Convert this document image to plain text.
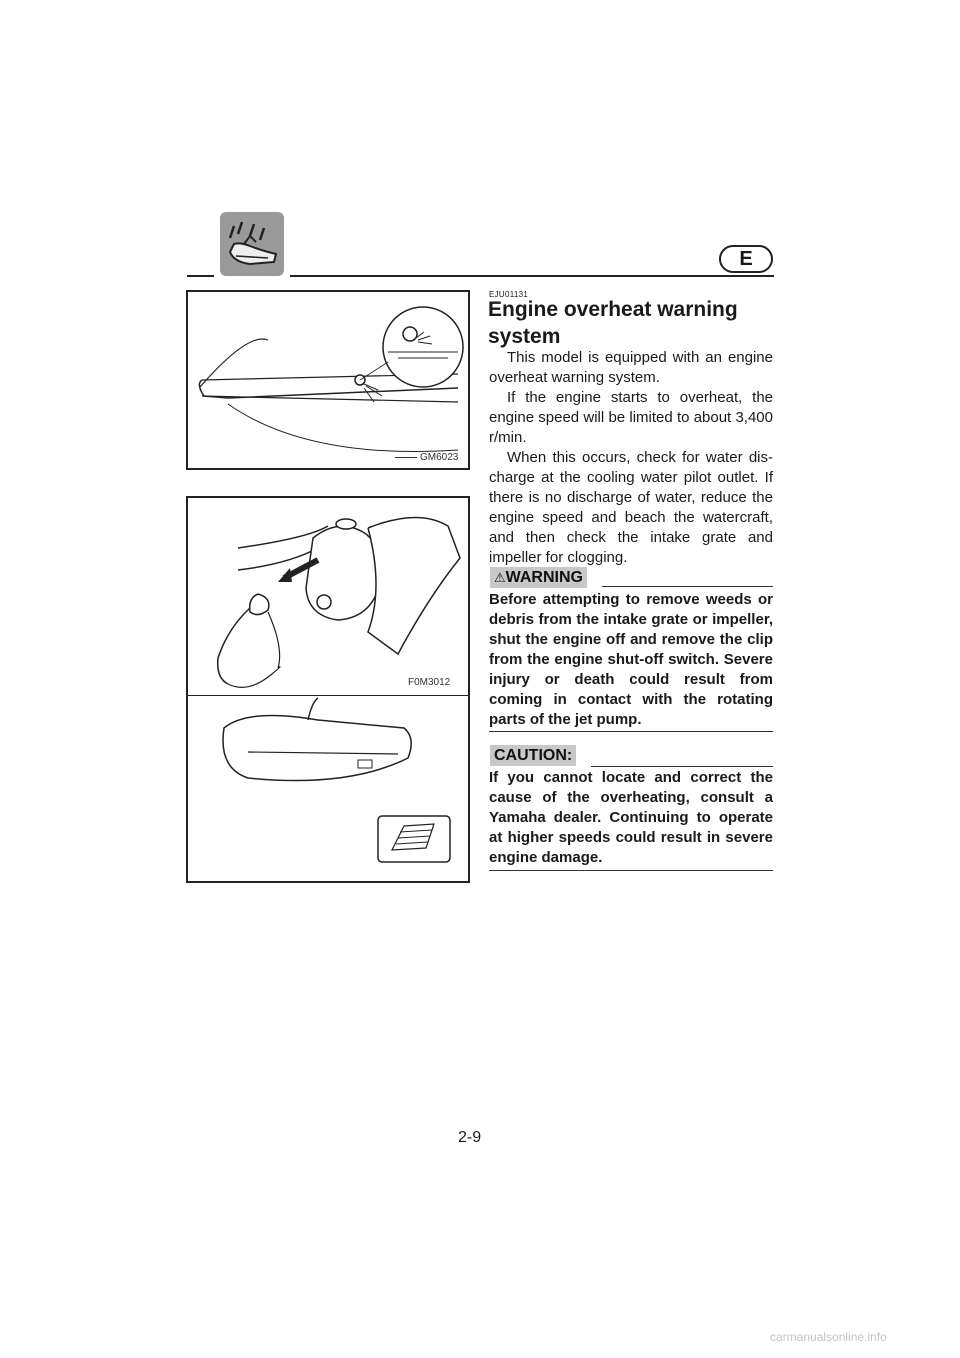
E
GM6023
F0M3012
EJU01131
Engine overheat warning system

This model is equipped with an engine overheat warning system.

If the engine starts to overheat, the engine speed will be limited to about 3,400 r/min.

When this occurs, check for water dis-charge at the cooling water pilot outlet. If there is no discharge of water, reduce the engine speed and beach the watercraft, and then check the intake grate and impeller for clogging.

⚠WARNING

Before attempting to remove weeds or debris from the intake grate or impeller, shut the engine off and remove the clip from the engine shut-off switch. Severe injury or death could result from coming in contact with the rotating parts of the jet pump.

CAUTION:

If you cannot locate and correct the cause of the overheating, consult a Yamaha dealer. Continuing to operate at higher speeds could result in severe engine damage.

2-9
carmanualsonline.info
